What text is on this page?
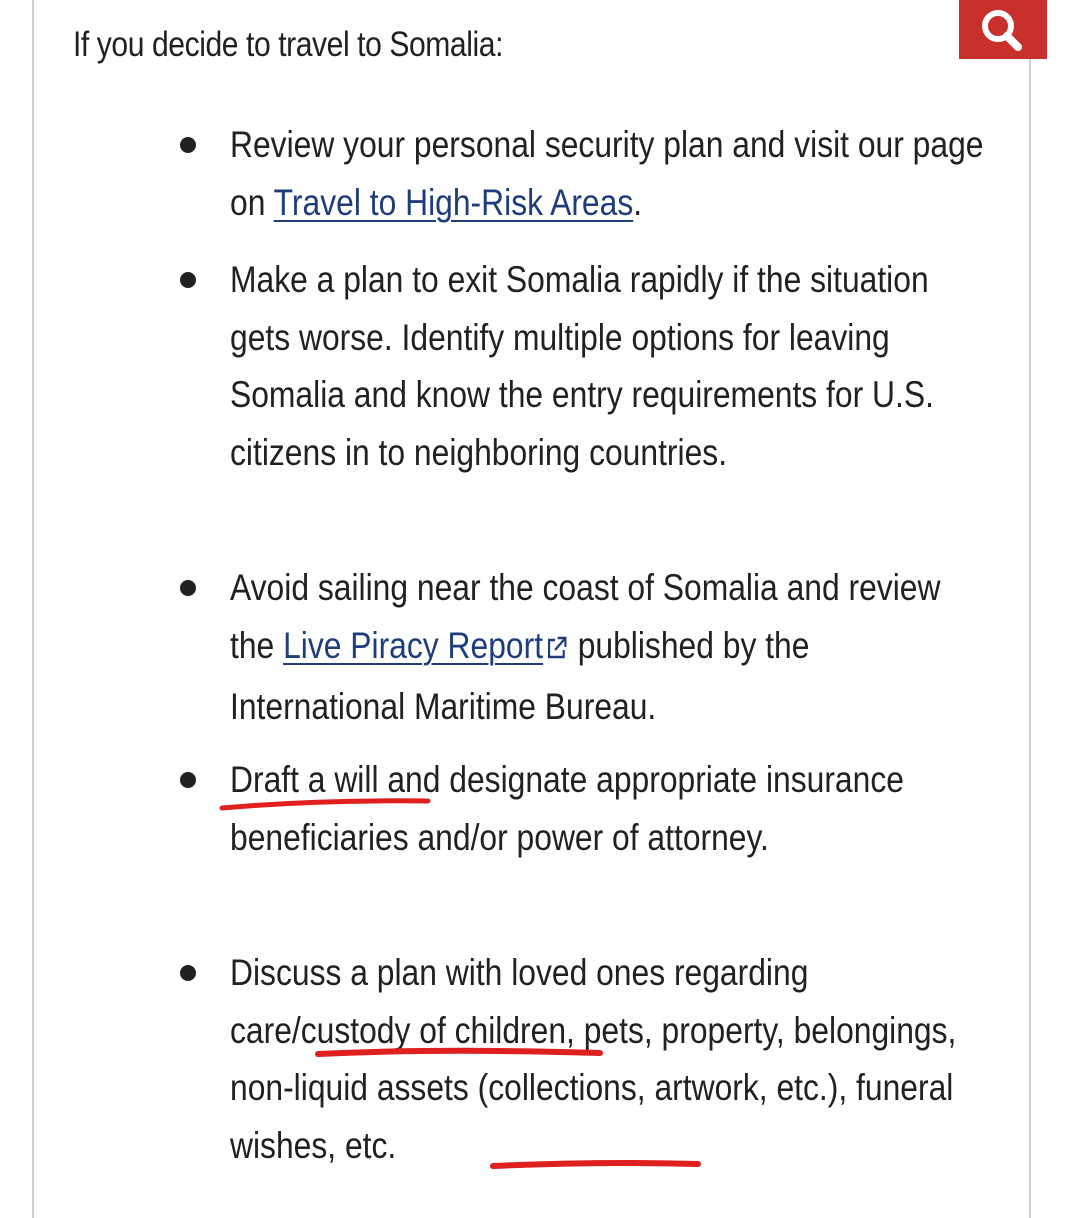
If you decide to travel to Somalia:

Review your personal security plan and visit our page on Travel to High-Risk Areas.
Make a plan to exit Somalia rapidly if the situation gets worse. Identify multiple options for leaving Somalia and know the entry requirements for U.S. citizens in to neighboring countries.
Avoid sailing near the coast of Somalia and review the Live Piracy Report published by the International Maritime Bureau.
Draft a will and designate appropriate insurance beneficiaries and/or power of attorney.
Discuss a plan with loved ones regarding care/custody of children, pets, property, belongings, non-liquid assets (collections, artwork, etc.), funeral wishes, etc.
